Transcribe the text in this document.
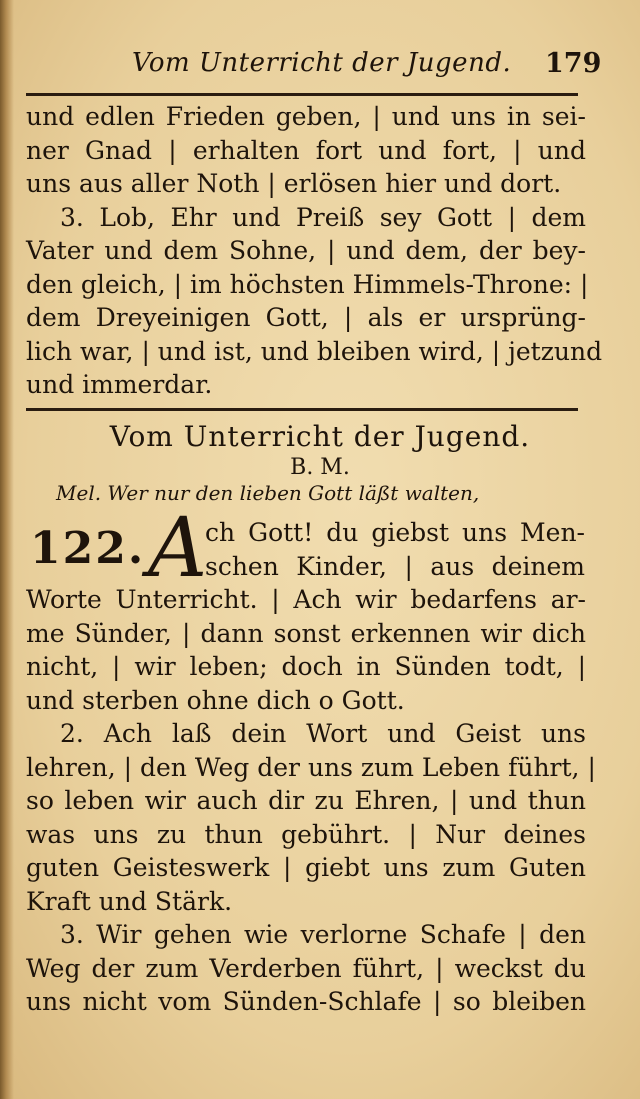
Vom Unterricht der Jugend. 179
und edlen Frieden geben, | und uns in sei-
ner Gnad | erhalten fort und fort, | und
uns aus aller Noth | erlösen hier und dort.
3. Lob, Ehr und Preiß sey Gott | dem
Vater und dem Sohne, | und dem, der bey-
den gleich, | im höchsten Himmels-Throne: |
dem Dreyeinigen Gott, | als er ursprüng-
lich war, | und ist, und bleiben wird, | jetzund
und immerdar.
Vom Unterricht der Jugend.
B. M.
Mel. Wer nur den lieben Gott läßt walten,
122. A
ch Gott! du giebst uns Men-
schen Kinder, | aus deinem
Worte Unterricht. | Ach wir bedarfens ar-
me Sünder, | dann sonst erkennen wir dich
nicht, | wir leben; doch in Sünden todt, |
und sterben ohne dich o Gott.
2. Ach laß dein Wort und Geist uns
lehren, | den Weg der uns zum Leben führt, |
so leben wir auch dir zu Ehren, | und thun
was uns zu thun gebührt. | Nur deines
guten Geisteswerk | giebt uns zum Guten
Kraft und Stärk.
3. Wir gehen wie verlorne Schafe | den
Weg der zum Verderben führt, | weckst du
uns nicht vom Sünden-Schlafe | so bleiben
